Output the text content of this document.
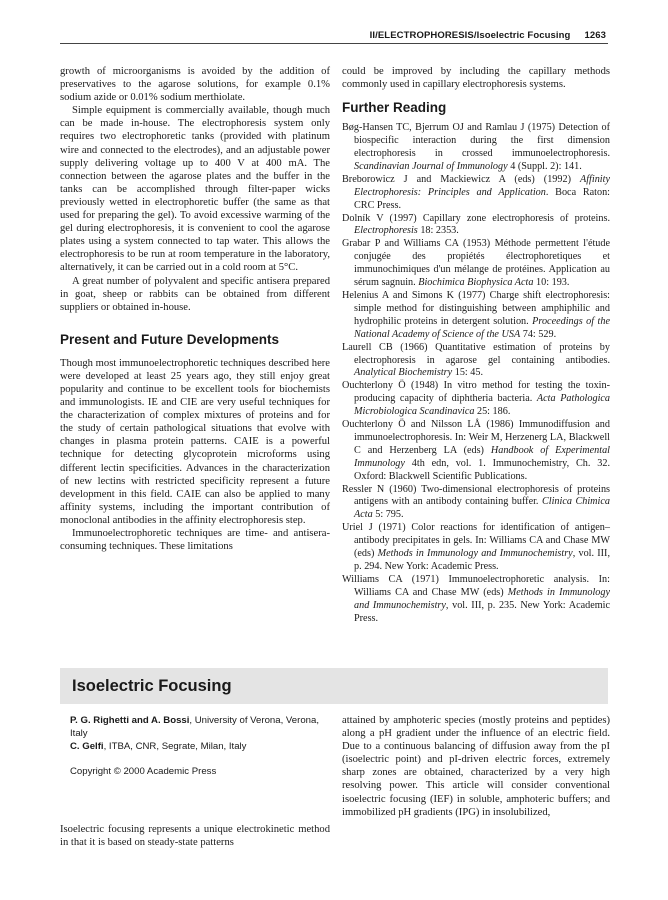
II/ELECTROPHORESIS/Isoelectric Focusing 1263

growth of microorganisms is avoided by the addition of preservatives to the agarose solutions, for example 0.1% sodium azide or 0.01% sodium merthiolate.

Simple equipment is commercially available, though much can be made in-house. The electrophoresis system only requires two electrophoretic tanks (provided with platinum wire and connected to the electrodes), and an adjustable power supply delivering voltage up to 400 V at 400 mA. The connection between the agarose plates and the buffer in the tanks can be accomplished through filter-paper wicks previously wetted in electrophoretic buffer (the same as that used for preparing the gel). To avoid excessive warming of the gel during electrophoresis, it is convenient to cool the agarose plates using a system connected to tap water. This allows the electrophoresis to be run at room temperature in the laboratory, alternatively, it can be carried out in a cold room at 5°C.

A great number of polyvalent and specific antisera prepared in goat, sheep or rabbits can be obtained from different suppliers or obtained in-house.

Present and Future Developments

Though most immunoelectrophoretic techniques described here were developed at least 25 years ago, they still enjoy great popularity and continue to be excellent tools for biochemists and immunologists. IE and CIE are very useful techniques for the characterization of complex mixtures of proteins and for the study of certain pathological situations that evolve with changes in plasma protein patterns. CAIE is a powerful technique for detecting glycoprotein microforms using different lectin specificities. Advances in the characterization of new lectins with restricted specificity represent a future development in this field. CAIE can also be applied to many affinity systems, including the important contribution of monoclonal antibodies in the affinity electrophoresis step.

Immunoelectrophoretic techniques are time- and antisera-consuming techniques. These limitations

could be improved by including the capillary methods commonly used in capillary electrophoresis systems.

Further Reading

Bøg-Hansen TC, Bjerrum OJ and Ramlau J (1975) Detection of biospecific interaction during the first dimension electrophoresis in crossed immunoelectrophoresis. Scandinavian Journal of Immunology 4 (Suppl. 2): 141.

Breborowicz J and Mackiewicz A (eds) (1992) Affinity Electrophoresis: Principles and Application. Boca Raton: CRC Press.

Dolník V (1997) Capillary zone electrophoresis of proteins. Electrophoresis 18: 2353.

Grabar P and Williams CA (1953) Méthode permettent l'étude conjugée des propiétés électrophoretiques et immunochimiques d'un mélange de protéines. Application au sérum sagnuin. Biochimica Biophysica Acta 10: 193.

Helenius A and Simons K (1977) Charge shift electrophoresis: simple method for distinguishing between amphiphilic and hydrophilic proteins in detergent solution. Proceedings of the National Academy of Science of the USA 74: 529.

Laurell CB (1966) Quantitative estimation of proteins by electrophoresis in agarose gel containing antibodies. Analytical Biochemistry 15: 45.

Ouchterlony Ö (1948) In vitro method for testing the toxin-producing capacity of diphtheria bacteria. Acta Pathologica Microbiologica Scandinavica 25: 186.

Ouchterlony Ö and Nilsson LÅ (1986) Immunodiffusion and immunoelectrophoresis. In: Weir M, Herzenerg LA, Blackwell C and Herzenberg LA (eds) Handbook of Experimental Immunology 4th edn, vol. 1. Immunochemistry, Ch. 32. Oxford: Blackwell Scientific Publications.

Ressler N (1960) Two-dimensional electrophoresis of proteins antigens with an antibody containing buffer. Clinica Chimica Acta 5: 795.

Uriel J (1971) Color reactions for identification of antigen–antibody precipitates in gels. In: Williams CA and Chase MW (eds) Methods in Immunology and Immunochemistry, vol. III, p. 294. New York: Academic Press.

Williams CA (1971) Immunoelectrophoretic analysis. In: Williams CA and Chase MW (eds) Methods in Immunology and Immunochemistry, vol. III, p. 235. New York: Academic Press.

Isoelectric Focusing

P. G. Righetti and A. Bossi, University of Verona, Verona, Italy

C. Gelfi, ITBA, CNR, Segrate, Milan, Italy

Copyright © 2000 Academic Press

Isoelectric focusing represents a unique electrokinetic method in that it is based on steady-state patterns

attained by amphoteric species (mostly proteins and peptides) along a pH gradient under the influence of an electric field. Due to a continuous balancing of diffusion away from the pI (isoelectric point) and pI-driven electric forces, extremely sharp zones are obtained, characterized by a very high resolving power. This article will consider conventional isoelectric focusing (IEF) in soluble, amphoteric buffers; and immobilized pH gradients (IPG) in insolubilized,
